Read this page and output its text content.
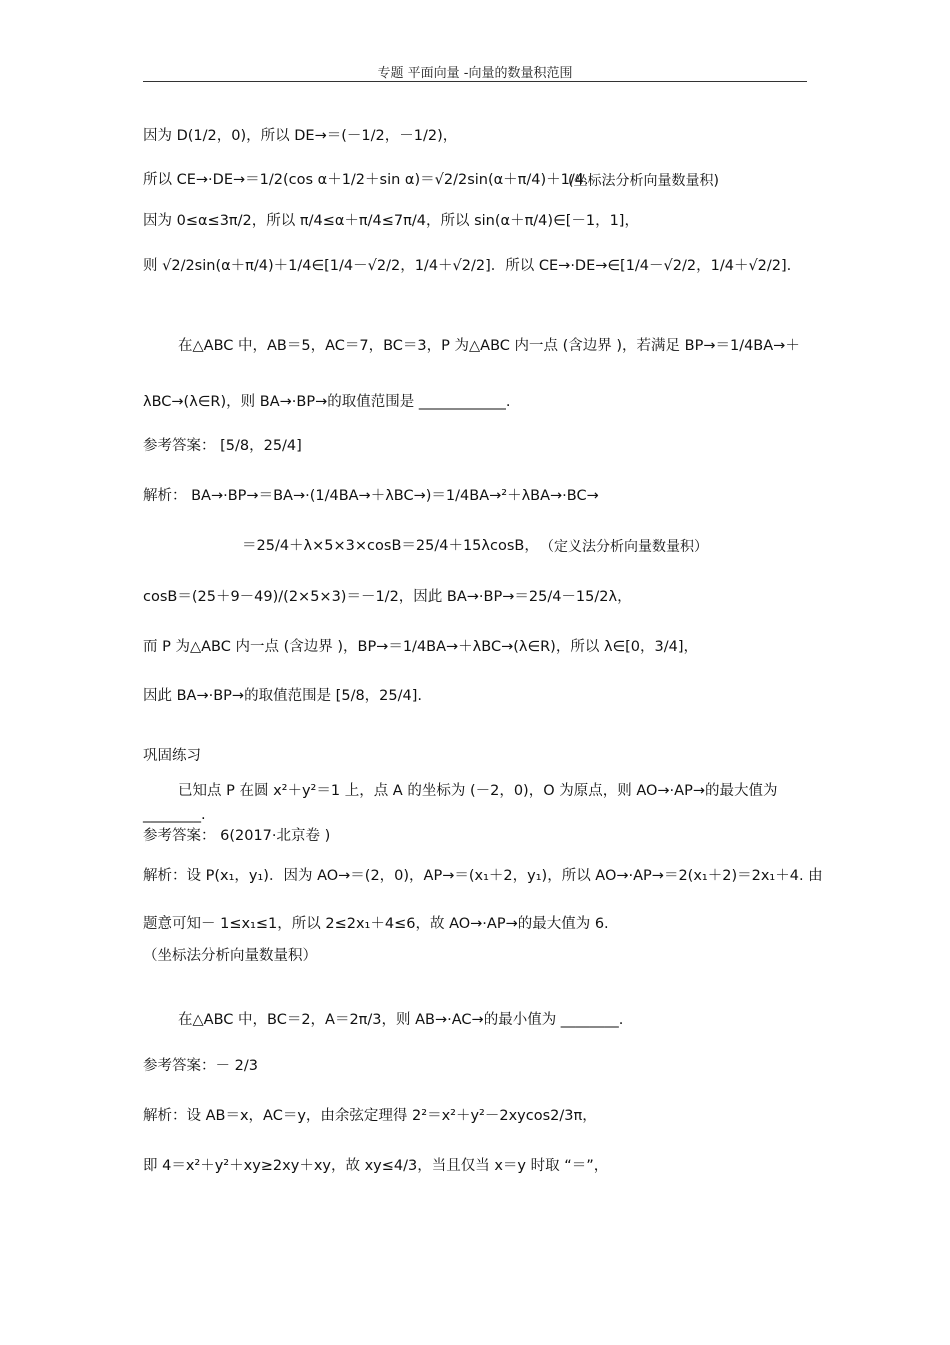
专题 平面向量 -向量的数量积范围
因为 D(1/2，0)，所以 DE→＝(－1/2，－1/2)，
所以 CE→·DE→＝1/2(cos α＋1/2＋sin α)＝√2/2sin(α＋π/4)＋1/4.
(坐标法分析向量数量积)
因为 0≤α≤3π/2，所以 π/4≤α＋π/4≤7π/4，所以 sin(α＋π/4)∈[－1，1]，
则 √2/2sin(α＋π/4)＋1/4∈[1/4－√2/2，1/4＋√2/2]．所以 CE→·DE→∈[1/4－√2/2，1/4＋√2/2].
在△ABC 中，AB＝5，AC＝7，BC＝3，P 为△ABC 内一点 (含边界 )，若满足 BP→＝1/4BA→＋
λBC→(λ∈R)，则 BA→·BP→的取值范围是 ____________.
参考答案： [5/8，25/4]
解析： BA→·BP→＝BA→·(1/4BA→＋λBC→)＝1/4BA→²＋λBA→·BC→
＝25/4＋λ×5×3×cosB＝25/4＋15λcosB， （定义法分析向量数量积）
cosB＝(25＋9－49)/(2×5×3)＝－1/2，因此 BA→·BP→＝25/4－15/2λ，
而 P 为△ABC 内一点 (含边界 )，BP→＝1/4BA→＋λBC→(λ∈R)，所以 λ∈[0，3/4]，
因此 BA→·BP→的取值范围是 [5/8，25/4].
巩固练习
已知点 P 在圆 x²＋y²＝1 上，点 A 的坐标为 (－2，0)，O 为原点，则 AO→·AP→的最大值为
________.
参考答案： 6(2017·北京卷 )
解析：设 P(x₁，y₁)．因为 AO→＝(2，0)，AP→＝(x₁＋2，y₁)，所以 AO→·AP→＝2(x₁＋2)＝2x₁＋4. 由
题意可知－ 1≤x₁≤1，所以 2≤2x₁＋4≤6，故 AO→·AP→的最大值为 6.
（坐标法分析向量数量积）
在△ABC 中，BC＝2，A＝2π/3，则 AB→·AC→的最小值为 ________.
参考答案：－ 2/3
解析：设 AB＝x，AC＝y，由余弦定理得 2²＝x²＋y²－2xycos2/3π，
即 4＝x²＋y²＋xy≥2xy＋xy，故 xy≤4/3，当且仅当 x＝y 时取 “＝”，
